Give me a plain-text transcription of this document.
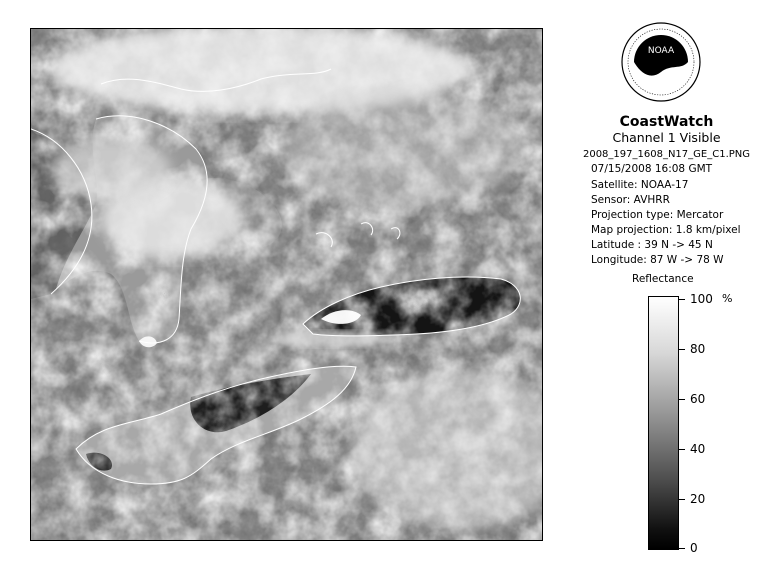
NOAA
CoastWatch
Channel 1 Visible
2008_197_1608_N17_GE_C1.PNG
07/15/2008 16:08 GMT
Satellite: NOAA-17
Sensor: AVHRR
Projection type: Mercator
Map projection: 1.8 km/pixel
Latitude : 39 N -> 45 N
Longitude: 87 W -> 78 W
Reflectance
%
100
80
60
40
20
0
